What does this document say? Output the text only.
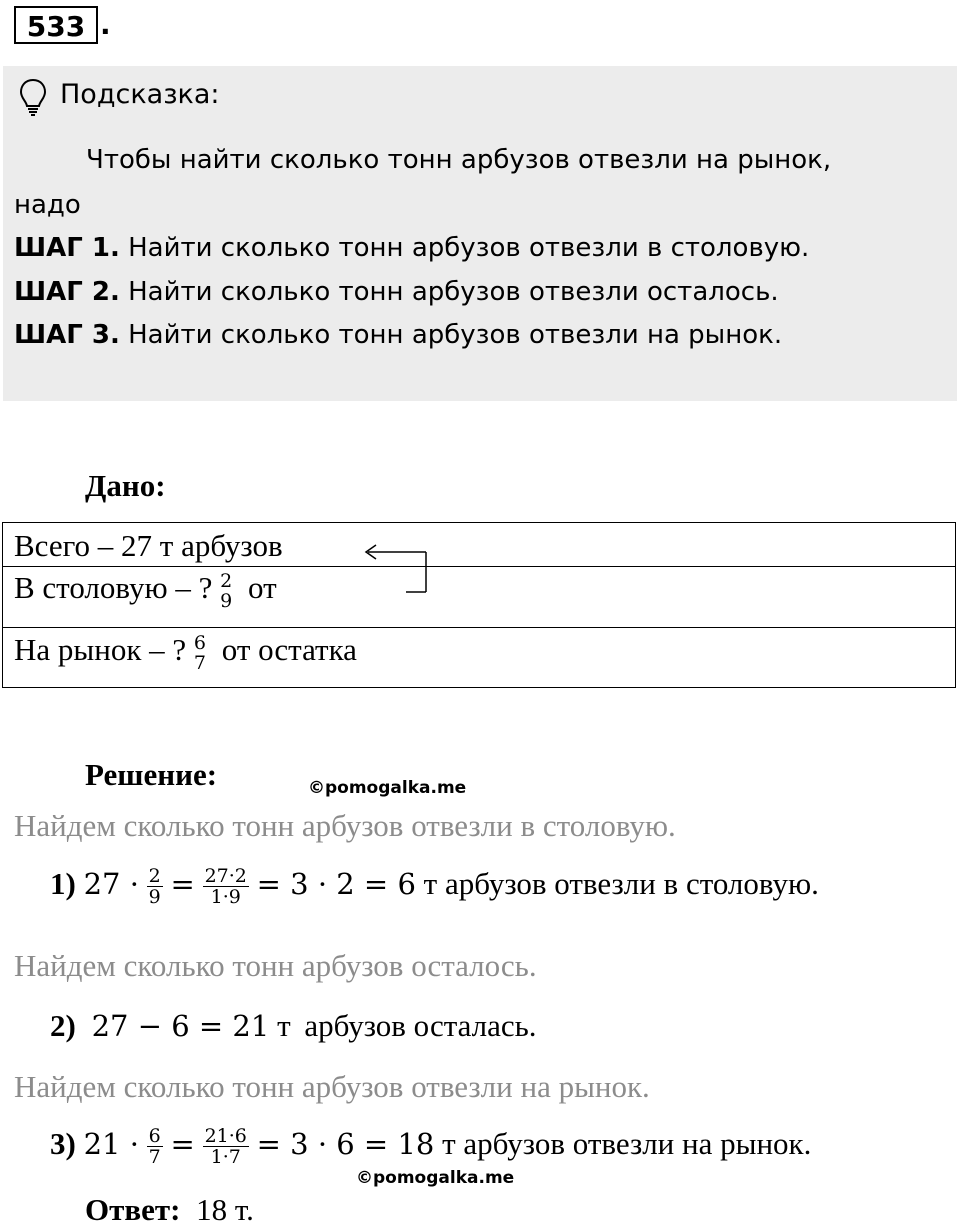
533 .
Подсказка:
Чтобы найти сколько тонн арбузов отвезли на рынок,
надо
ШАГ 1. Найти сколько тонн арбузов отвезли в столовую.
ШАГ 2. Найти сколько тонн арбузов отвезли осталось.
ШАГ 3. Найти сколько тонн арбузов отвезли на рынок.
Дано:
Всего – 27 т арбузов
В столовую – ? 2
9 от
На рынок – ? 6
7 от остатка
Решение:	©pomogalka.me
Найдем сколько тонн арбузов отвезли в столовую.
1) $27 \cdot \frac{2}{9} = \frac{27\cdot 2}{1\cdot 9} = 3 \cdot 2 = 6$ т арбузов отвезли в столовую.
Найдем сколько тонн арбузов осталось.
2) 27 − 6 = 21 т арбузов осталась.
Найдем сколько тонн арбузов отвезли на рынок.
3) $21 \cdot \frac{6}{7} = \frac{21\cdot 6}{1\cdot 7} = 3 \cdot 6 = 18$ т арбузов отвезли на рынок.
©pomogalka.me
Ответ: 18 т.
